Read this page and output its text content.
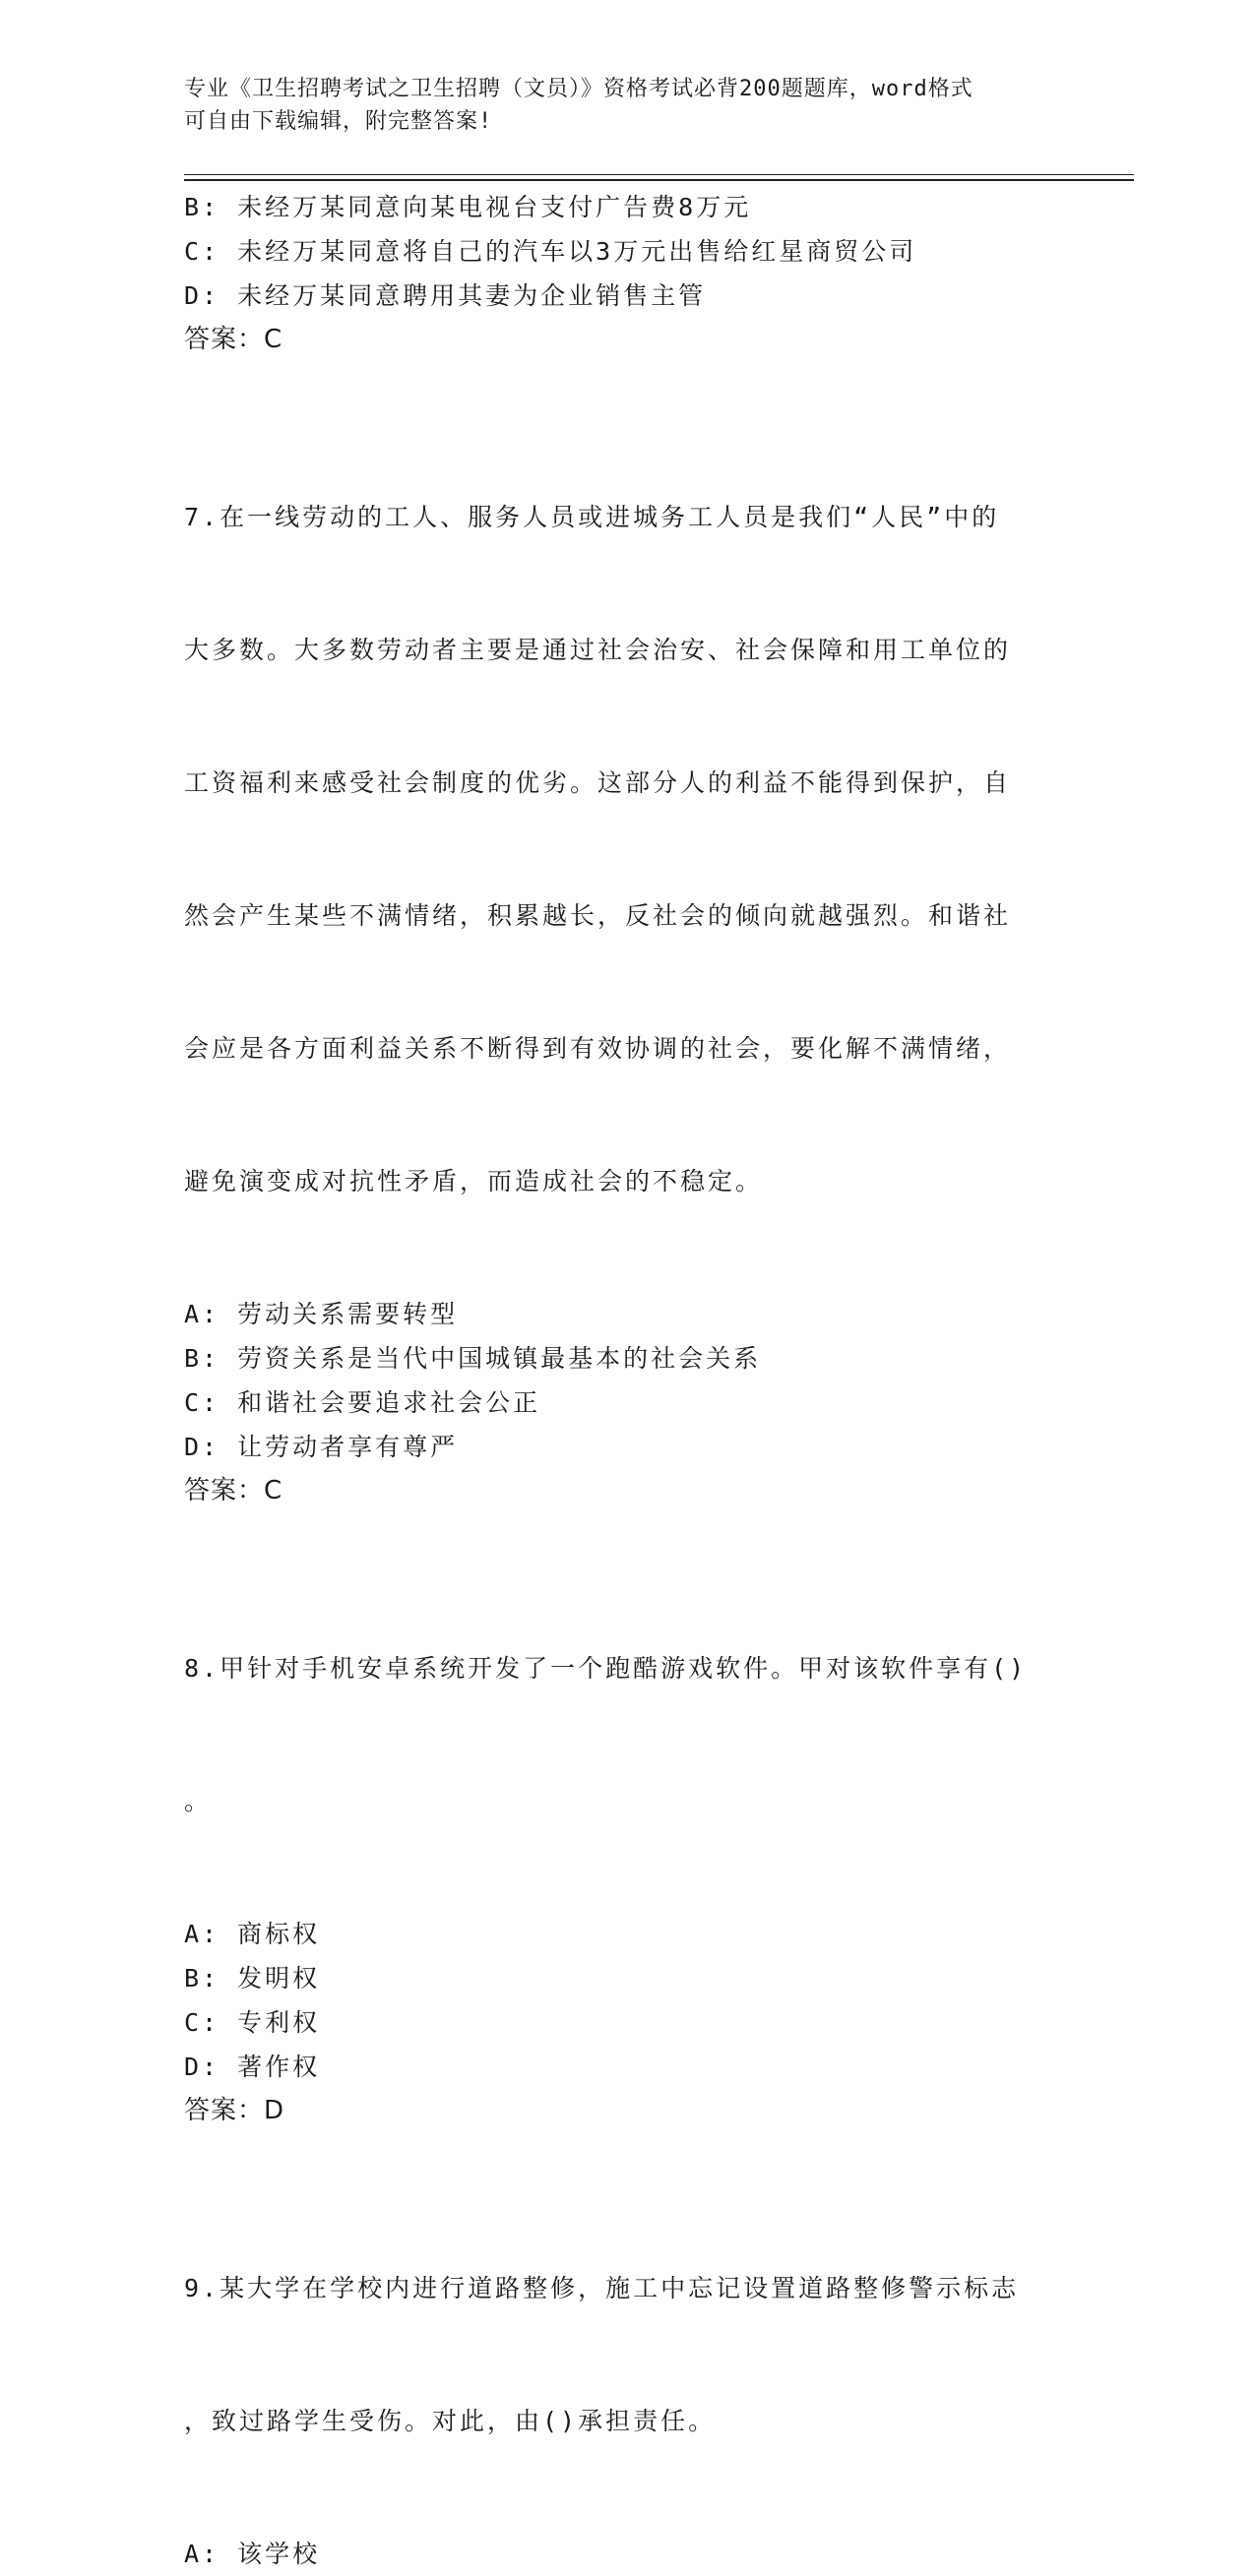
专业《卫生招聘考试之卫生招聘（文员）》资格考试必背200题题库，word格式
可自由下载编辑，附完整答案!
B: 未经万某同意向某电视台支付广告费8万元
C: 未经万某同意将自己的汽车以3万元出售给红星商贸公司
D: 未经万某同意聘用其妻为企业销售主管
答案：C

7.在一线劳动的工人、服务人员或进城务工人员是我们“人民”中的

大多数。大多数劳动者主要是通过社会治安、社会保障和用工单位的

工资福利来感受社会制度的优劣。这部分人的利益不能得到保护，自

然会产生某些不满情绪，积累越长，反社会的倾向就越强烈。和谐社

会应是各方面利益关系不断得到有效协调的社会，要化解不满情绪，

避免演变成对抗性矛盾，而造成社会的不稳定。

A: 劳动关系需要转型
B: 劳资关系是当代中国城镇最基本的社会关系
C: 和谐社会要追求社会公正
D: 让劳动者享有尊严
答案：C

8.甲针对手机安卓系统开发了一个跑酷游戏软件。甲对该软件享有()

。

A: 商标权
B: 发明权
C: 专利权
D: 著作权
答案：D

9.某大学在学校内进行道路整修，施工中忘记设置道路整修警示标志

，致过路学生受伤。对此，由()承担责任。

A: 该学校
